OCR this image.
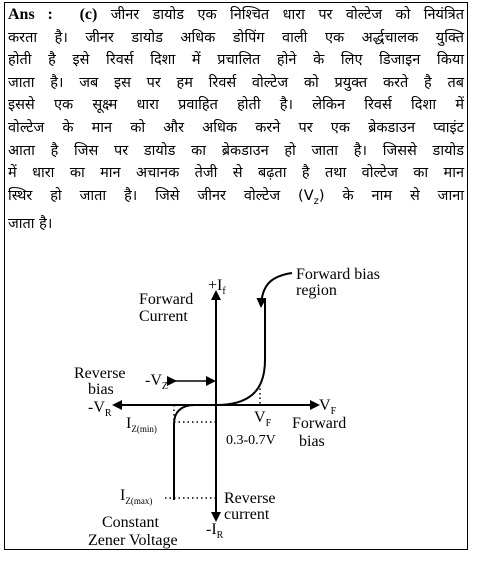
Ans : (c) जीनर डायोड एक निश्चित धारा पर वोल्टेज को नियंत्रित
करता है। जीनर डायोड अधिक डोपिंग वाली एक अर्द्धचालक युक्ति
होती है इसे रिवर्स दिशा में प्रचालित होने के लिए डिजाइन किया
जाता है। जब इस पर हम रिवर्स वोल्टेज को प्रयुक्त करते है तब
इससे एक सूक्ष्म धारा प्रवाहित होती है। लेकिन रिवर्स दिशा में
वोल्टेज के मान को और अधिक करने पर एक ब्रेकडाउन प्वाइंट
आता है जिस पर डायोड का ब्रेकडाउन हो जाता है। जिससे डायोड
में धारा का मान अचानक तेजी से बढ़ता है तथा वोल्टेज का मान
स्थिर हो जाता है। जिसे जीनर वोल्टेज $(V_z)$ के नाम से जाना
जाता है।
$+I_f$
Forward
Current
Forward bias
region
Reverse
bias
$-V_Z$
$-V_R$
$I_{Z(min)}$
$V_F$
$V_F$ Forward
bias
0.3-0.7V
$I_{Z(max)}$	Reverse
current
Constant
Zener Voltage
$-I_R$
